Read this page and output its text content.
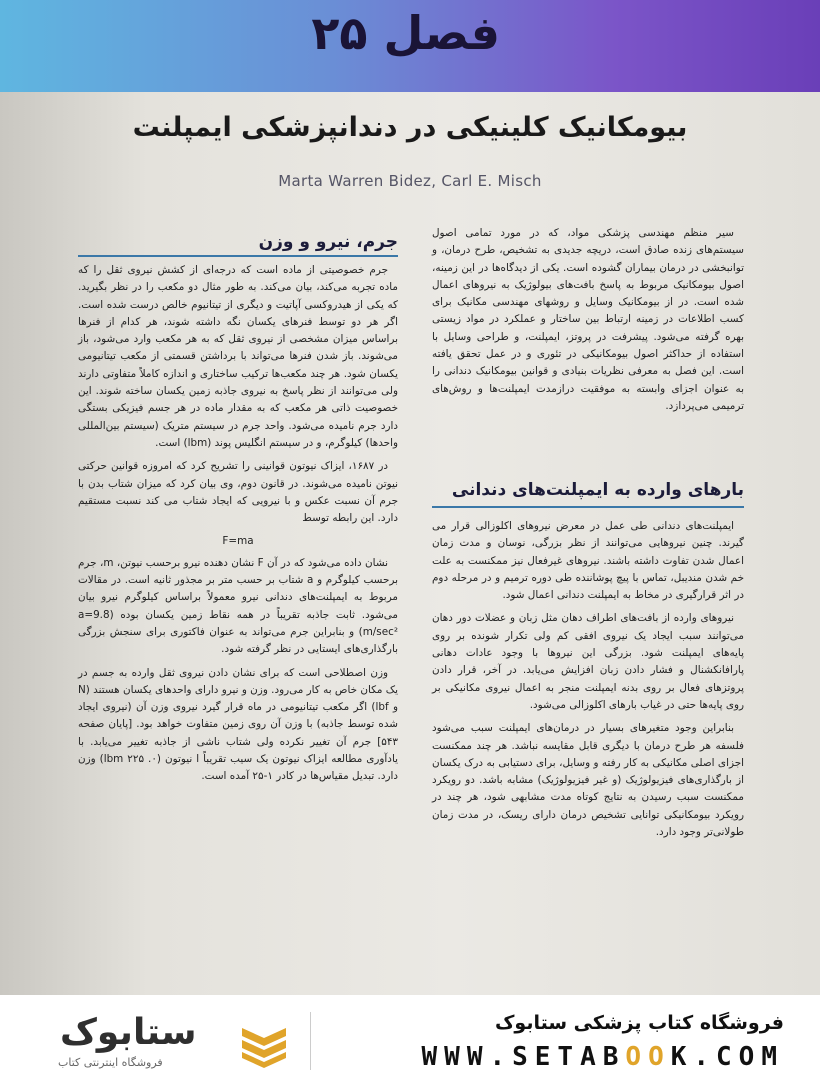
فصل ۲۵
بیومکانیک کلینیکی در دندانپزشکی ایمپلنت
Marta Warren Bidez, Carl E. Misch

سیر منظم مهندسی پزشکی مواد، که در مورد تمامی اصول سیستم‌های زنده صادق است، دریچه جدیدی به تشخیص، طرح درمان، و توانبخشی در درمان بیماران گشوده است. یکی از دیدگاه‌ها در این زمینه، اصول بیومکانیک مربوط به پاسخ بافت‌های بیولوژیک به نیروهای اعمال شده است. در از بیومکانیک وسایل و روشهای مهندسی مکانیک برای کسب اطلاعات در زمینه ارتباط بین ساختار و عملکرد در مواد زیستی بهره گرفته می‌شود. پیشرفت در پروتز، ایمپلنت، و طراحی وسایل با استفاده از حداکثر اصول بیومکانیکی در تئوری و در عمل تحقق یافته است. این فصل به معرفی نظریات بنیادی و قوانین بیومکانیک دندانی را به عنوان اجزای وابسته به موفقیت درازمدت ایمپلنت‌ها و روش‌های ترمیمی می‌پردازد.

بارهای وارده به ایمپلنت‌های دندانی

ایمپلنت‌های دندانی طی عمل در معرض نیروهای اکلوزالی قرار می گیرند. چنین نیروهایی می‌توانند از نظر بزرگی، نوسان و مدت زمان اعمال شدن تفاوت داشته باشند. نیروهای غیرفعال نیز ممکنست به علت خم شدن مندیبل، تماس با پیچ پوشاننده طی دوره ترمیم و در مرحله دوم در اثر قرارگیری در مخاط به ایمپلنت دندانی اعمال شود.

نیروهای وارده از بافت‌های اطراف دهان مثل زبان و عضلات دور دهان می‌توانند سبب ایجاد یک نیروی افقی کم ولی تکرار شونده بر روی پایه‌های ایمپلنت شود. بزرگی این نیروها با وجود عادات دهانی پارافانکشنال و فشار دادن زبان افزایش می‌یابد. در آخر، قرار دادن پروتزهای فعال بر روی بدنه ایمپلنت منجر به اعمال نیروی مکانیکی بر روی پایه‌ها حتی در غیاب بارهای اکلوزالی می‌شود.

بنابراین وجود متغیرهای بسیار در درمان‌های ایمپلنت سبب می‌شود فلسفه هر طرح درمان با دیگری قابل مقایسه نباشد. هر چند ممکنست اجزای اصلی مکانیکی به کار رفته و وسایل، برای دستیابی به درک یکسان از بارگذاری‌های فیزیولوژیک (و غیر فیزیولوژیک) مشابه باشد. دو رویکرد ممکنست سبب رسیدن به نتایج کوتاه مدت مشابهی شود، هر چند در رویکرد بیومکانیکی توانایی تشخیص درمان دارای ریسک، در مدت زمان طولانی‌تر وجود دارد.

جرم، نیرو و وزن

جرم خصوصیتی از ماده است که درجه‌ای از کشش نیروی ثقل را که ماده تجربه می‌کند، بیان می‌کند. به طور مثال دو مکعب را در نظر بگیرید. که یکی از هیدروکسی آپاتیت و دیگری از تیتانیوم خالص درست شده است. اگر هر دو توسط فنرهای یکسان نگه داشته شوند، هر کدام از فنرها براساس میزان مشخصی از نیروی ثقل که به هر مکعب وارد می‌شود، باز می‌شوند. باز شدن فنرها می‌تواند با برداشتن قسمتی از مکعب تیتانیومی یکسان شود. هر چند مکعب‌ها ترکیب ساختاری و اندازه کاملاً متفاوتی دارند ولی می‌توانند از نظر پاسخ به نیروی جاذبه زمین یکسان ساخته شوند. این خصوصیت ذاتی هر مکعب که به مقدار ماده در هر جسم فیزیکی بستگی دارد جرم نامیده می‌شود. واحد جرم در سیستم متریک (سیستم بین‌المللی واحدها) کیلوگرم، و در سیستم انگلیس پوند (lbm) است.

در ۱۶۸۷، ایزاک نیوتون قوانینی را تشریح کرد که امروزه قوانین حرکتی نیوتن نامیده می‌شوند. در قانون دوم، وی بیان کرد که میزان شتاب بدن با جرم آن نسبت عکس و با نیرویی که ایجاد شتاب می کند نسبت مستقیم دارد. این رابطه توسط

F=ma

نشان داده می‌شود که در آن F نشان دهنده نیرو برحسب نیوتن، m، جرم برحسب کیلوگرم و a شتاب بر حسب متر بر مجذور ثانیه است. در مقالات مربوط به ایمپلنت‌های دندانی نیرو معمولاً براساس کیلوگرم نیرو بیان می‌شود. ثابت جاذبه تقریباً در همه نقاط زمین یکسان بوده (a=9.8 m/sec²) و بنابراین جرم می‌تواند به عنوان فاکتوری برای سنجش بزرگی بارگذاری‌های ایستایی در نظر گرفته شود.

وزن اصطلاحی است که برای نشان دادن نیروی ثقل وارده به جسم در یک مکان خاص به کار می‌رود. وزن و نیرو دارای واحدهای یکسان هستند (N و lbf) اگر مکعب تیتانیومی در ماه قرار گیرد نیروی وزن آن (نیروی ایجاد شده توسط جاذبه) با وزن آن روی زمین متفاوت خواهد بود. [پایان صفحه ۵۴۳] جرم آن تغییر نکرده ولی شتاب ناشی از جاذبه تغییر می‌یابد. با یادآوری مطالعه ایزاک نیوتون یک سیب تقریباً ا نیوتون (۰. lbm ۲۲۵) وزن دارد. تبدیل مقیاس‌ها در کادر ۱-۲۵ آمده است.

ستابوک
فروشگاه اینترنتی کتاب
فروشگاه کتاب پزشکی ستابوک
WWW.SETABOOK.COM
